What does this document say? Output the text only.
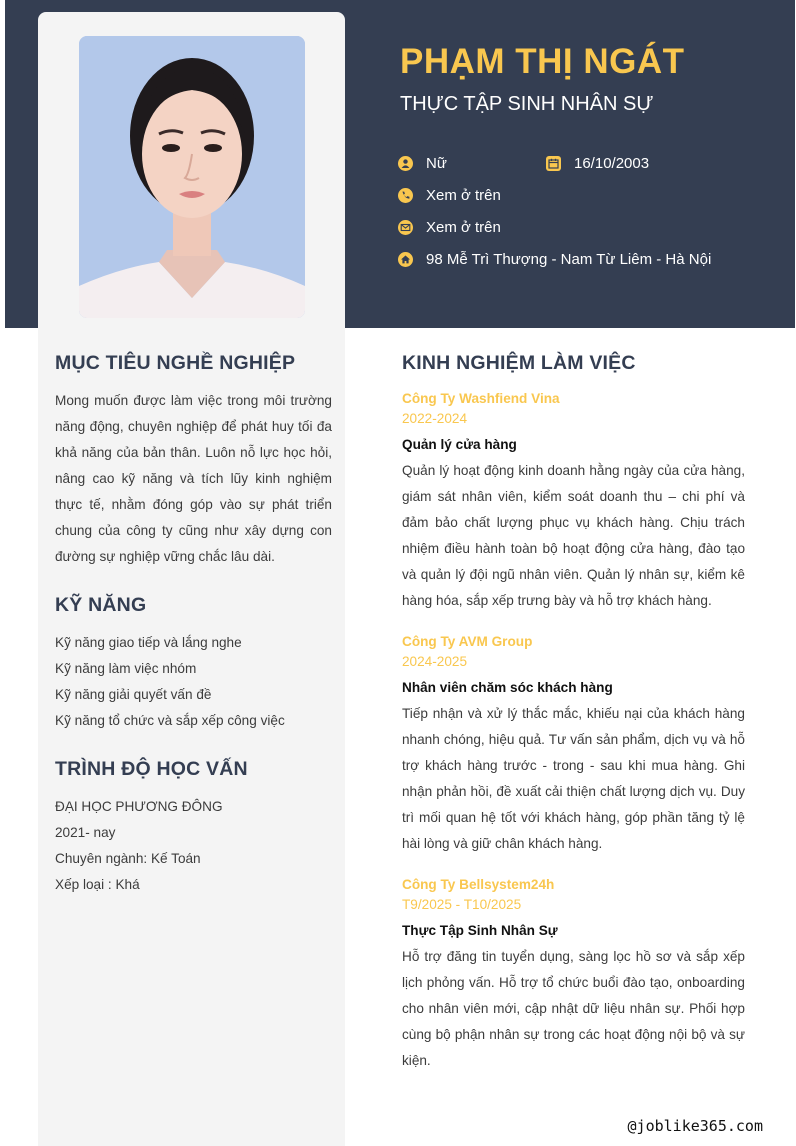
PHẠM THỊ NGÁT
THỰC TẬP SINH NHÂN SỰ
Nữ	16/10/2003
Xem ở trên
Xem ở trên
98 Mễ Trì Thượng - Nam Từ Liêm - Hà Nội
MỤC TIÊU NGHỀ NGHIỆP
Mong muốn được làm việc trong môi trường năng động, chuyên nghiệp để phát huy tối đa khả năng của bản thân. Luôn nỗ lực học hỏi, nâng cao kỹ năng và tích lũy kinh nghiệm thực tế, nhằm đóng góp vào sự phát triển chung của công ty cũng như xây dựng con đường sự nghiệp vững chắc lâu dài.
KỸ NĂNG
Kỹ năng giao tiếp và lắng nghe
Kỹ năng làm việc nhóm
Kỹ năng giải quyết vấn đề
Kỹ năng tổ chức và sắp xếp công việc
TRÌNH ĐỘ HỌC VẤN
ĐẠI HỌC PHƯƠNG ĐÔNG
2021- nay
Chuyên ngành: Kế Toán
Xếp loại : Khá
KINH NGHIỆM LÀM VIỆC
Công Ty Washfiend Vina
2022-2024
Quản lý cửa hàng
Quản lý hoạt động kinh doanh hằng ngày của cửa hàng, giám sát nhân viên, kiểm soát doanh thu – chi phí và đảm bảo chất lượng phục vụ khách hàng. Chịu trách nhiệm điều hành toàn bộ hoạt động cửa hàng, đào tạo và quản lý đội ngũ nhân viên. Quản lý nhân sự, kiểm kê hàng hóa, sắp xếp trưng bày và hỗ trợ khách hàng.
Công Ty AVM Group
2024-2025
Nhân viên chăm sóc khách hàng
Tiếp nhận và xử lý thắc mắc, khiếu nại của khách hàng nhanh chóng, hiệu quả. Tư vấn sản phẩm, dịch vụ và hỗ trợ khách hàng trước - trong - sau khi mua hàng. Ghi nhận phản hồi, đề xuất cải thiện chất lượng dịch vụ. Duy trì mối quan hệ tốt với khách hàng, góp phần tăng tỷ lệ hài lòng và giữ chân khách hàng.
Công Ty Bellsystem24h
T9/2025 - T10/2025
Thực Tập Sinh Nhân Sự
Hỗ trợ đăng tin tuyển dụng, sàng lọc hồ sơ và sắp xếp lịch phỏng vấn. Hỗ trợ tổ chức buổi đào tạo, onboarding cho nhân viên mới, cập nhật dữ liệu nhân sự. Phối hợp cùng bộ phận nhân sự trong các hoạt động nội bộ và sự kiện.
@joblike365.com
